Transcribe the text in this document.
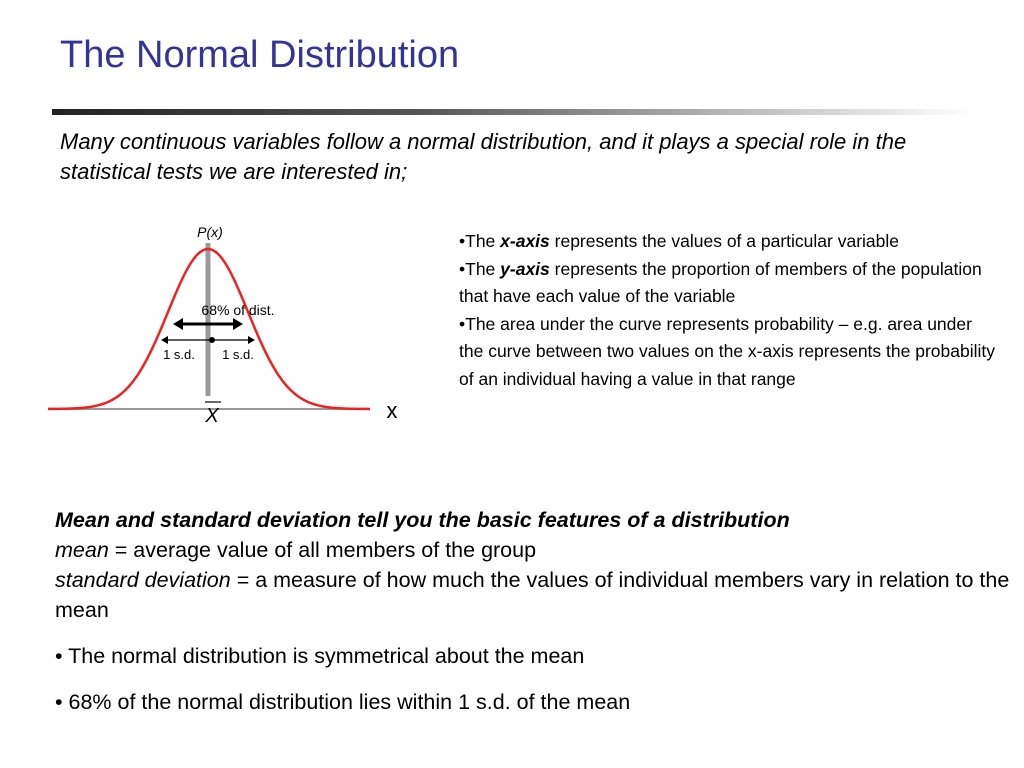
The Normal Distribution

Many continuous variables follow a normal distribution, and it plays a special role in the statistical tests we are interested in;

P(x)
68% of dist.
1 s.d. 1 s.d.
X	x
•The x-axis represents the values of a particular variable
•The y-axis represents the proportion of members of the population that have each value of the variable
•The area under the curve represents probability – e.g. area under the curve between two values on the x-axis represents the probability of an individual having a value in that range

Mean and standard deviation tell you the basic features of a distribution

mean = average value of all members of the group

standard deviation = a measure of how much the values of individual members vary in relation to the mean

• The normal distribution is symmetrical about the mean

• 68% of the normal distribution lies within 1 s.d. of the mean
